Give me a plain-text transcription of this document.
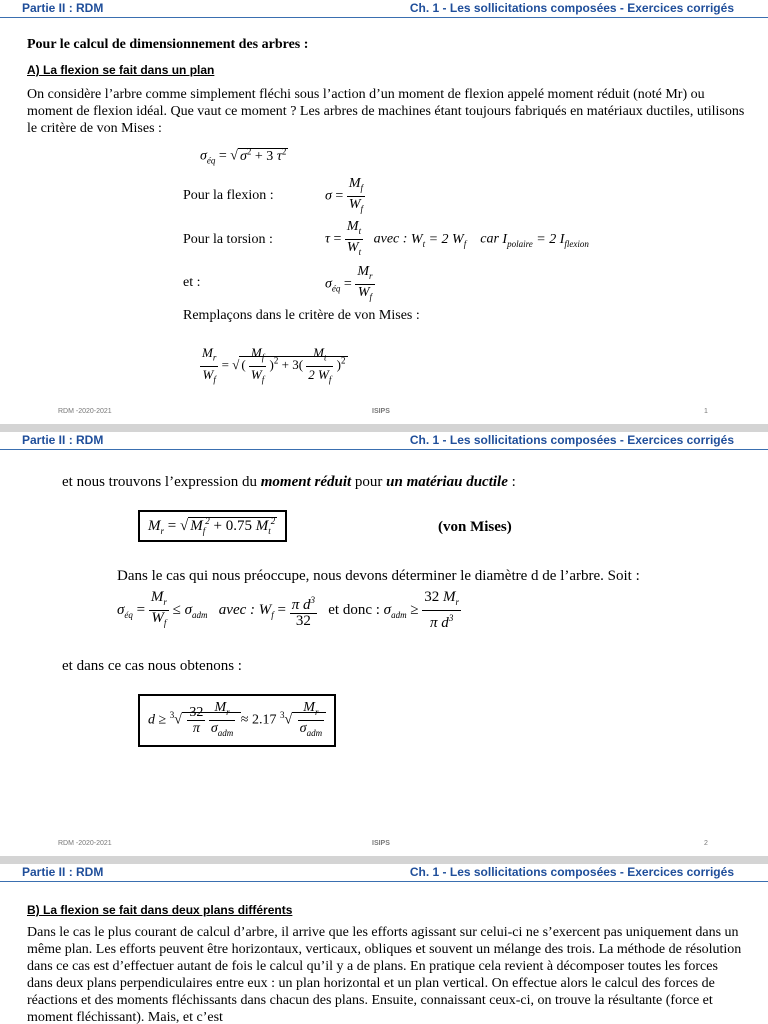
Partie II : RDM	Ch. 1 - Les sollicitations composées - Exercices corrigés
Pour le calcul de dimensionnement des arbres :
A) La flexion se fait dans un plan
On considère l’arbre comme simplement fléchi sous l’action d’un moment de flexion appelé moment réduit (noté Mr) ou moment de flexion idéal. Que vaut ce moment ? Les arbres de machines étant toujours fabriqués en matériaux ductiles, utilisons le critère de von Mises :
$\sigma_{éq}$ = √ $\sigma^2 + 3$ $\tau^2$
Pour la flexion :	$\sigma = \frac{M_f}{W_f}$
Pour la torsion :	$\tau = \frac{M_t}{W_t}$ avec : $W_t = 2$ $W_f$ car $I_{polaire} = 2$ $I_{flexion}$
et :	$\sigma_{éq} = \frac{M_r}{W_f}$
Remplaçons dans le critère de von Mises :
$\frac{M_r}{W_f}$ = √ ( $\frac{M_f}{W_f} )^2 + 3( \frac{M_t}{2 W_f} )^2$
RDM -2020-2021	ISIPS	1
Partie II : RDM	Ch. 1 - Les sollicitations composées - Exercices corrigés
et nous trouvons l’expression du moment réduit pour un matériau ductile :
$M_r$ = √ $M_f^2 + 0.75$ $M_t^2$	(von Mises)
Dans le cas qui nous préoccupe, nous devons déterminer le diamètre d de l’arbre. Soit :
$\sigma_{éq} = \frac{M_r}{W_f} \le \sigma_{adm}$ avec : $W_f = \frac{\pi d^3}{32}$ et donc : $\sigma_{adm} \ge \frac{32 M_r}{\pi d^3}$
et dans ce cas nous obtenons :
$d \ge ^3√ \frac{32}{\pi}$
$\frac{M_r}{\sigma_{adm}} \approx 2.17$ $^3√ \frac{M_r}{\sigma_{adm}}$
RDM -2020-2021	ISIPS	2
Partie II : RDM	Ch. 1 - Les sollicitations composées - Exercices corrigés
B) La flexion se fait dans deux plans différents
Dans le cas le plus courant de calcul d’arbre, il arrive que les efforts agissant sur celui-ci ne s’exercent pas uniquement dans un même plan. Les efforts peuvent être horizontaux, verticaux, obliques et souvent un mélange des trois. La méthode de résolution dans ce cas est d’effectuer autant de fois le calcul qu’il y a de plans. En pratique cela revient à décomposer toutes les forces dans deux plans perpendiculaires entre eux : un plan horizontal et un plan vertical. On effectue alors le calcul des forces de réactions et des moments fléchissants dans chacun des plans. Ensuite, connaissant ceux-ci, on trouve la résultante (force et moment fléchissant). Mais, et c’est
